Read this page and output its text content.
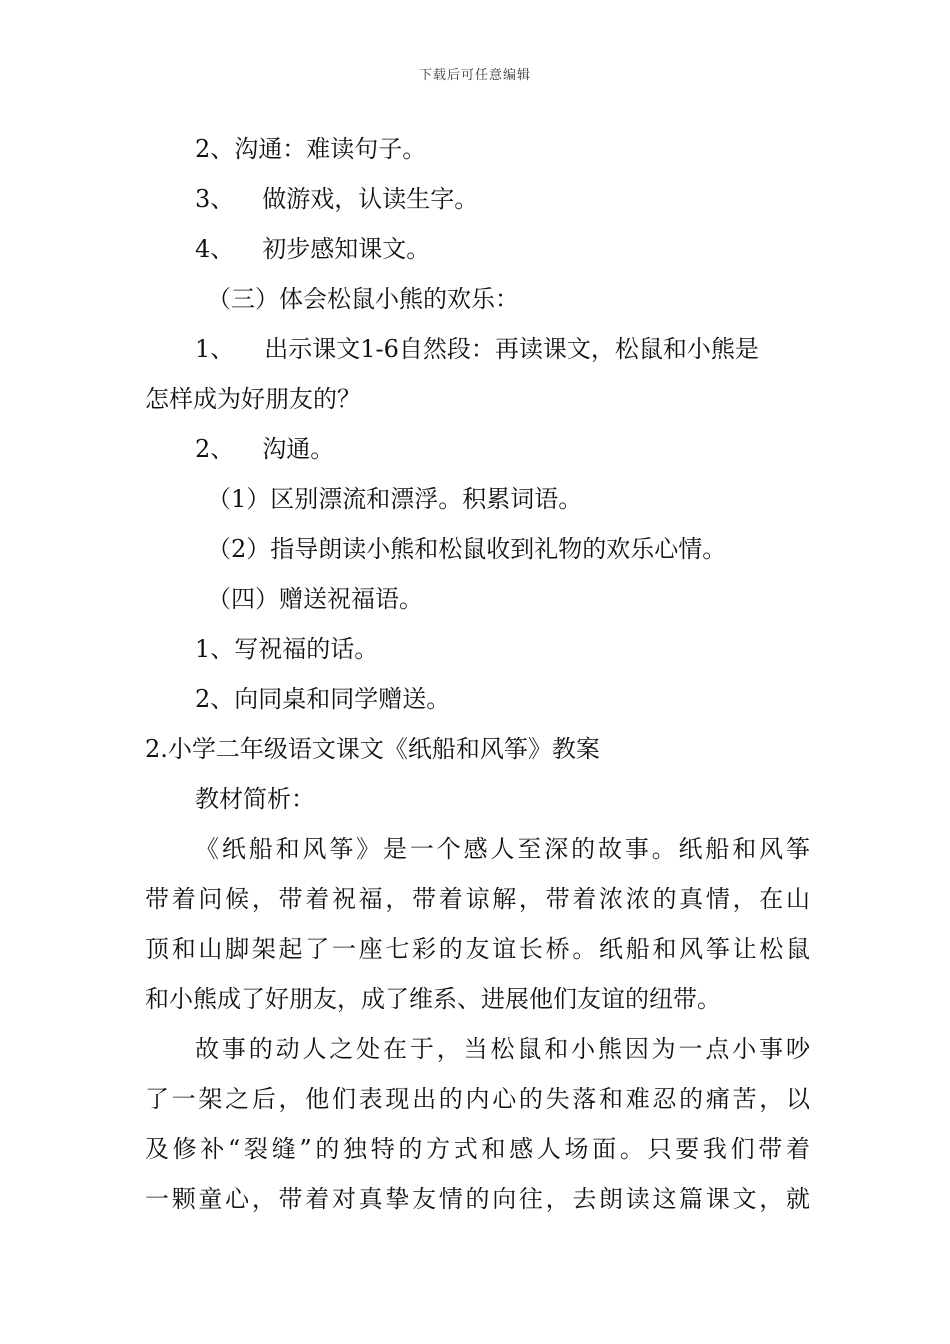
下载后可任意编辑
2、沟通：难读句子。
3、 做游戏，认读生字。
4、 初步感知课文。
（三）体会松鼠小熊的欢乐：
1、 出示课文1-6自然段：再读课文，松鼠和小熊是
怎样成为好朋友的？
2、 沟通。
（1）区别漂流和漂浮。积累词语。
（2）指导朗读小熊和松鼠收到礼物的欢乐心情。
（四）赠送祝福语。
1、写祝福的话。
2、向同桌和同学赠送。
2.小学二年级语文课文《纸船和风筝》教案
教材简析：
《纸船和风筝》是一个感人至深的故事。纸船和风筝
带着问候，带着祝福，带着谅解，带着浓浓的真情，在山
顶和山脚架起了一座七彩的友谊长桥。纸船和风筝让松鼠
和小熊成了好朋友，成了维系、进展他们友谊的纽带。
故事的动人之处在于，当松鼠和小熊因为一点小事吵
了一架之后，他们表现出的内心的失落和难忍的痛苦，以
及修补“裂缝”的独特的方式和感人场面。只要我们带着
一颗童心，带着对真挚友情的向往，去朗读这篇课文，就
